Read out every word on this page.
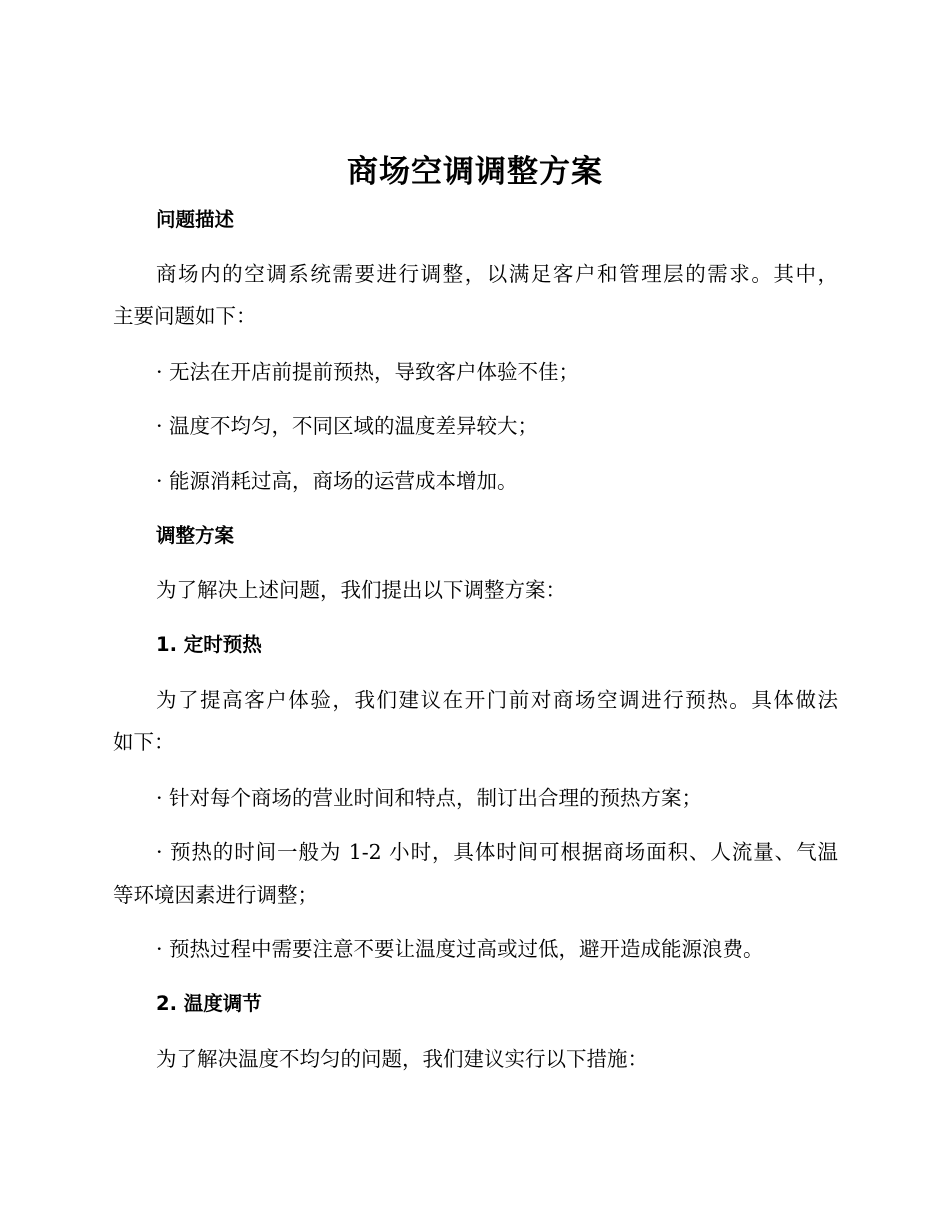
商场空调调整方案
问题描述
商场内的空调系统需要进行调整，以满足客户和管理层的需求。其中，
主要问题如下：
· 无法在开店前提前预热，导致客户体验不佳；
· 温度不均匀，不同区域的温度差异较大；
· 能源消耗过高，商场的运营成本增加。
调整方案
为了解决上述问题，我们提出以下调整方案：
1. 定时预热
为了提高客户体验，我们建议在开门前对商场空调进行预热。具体做法
如下：
· 针对每个商场的营业时间和特点，制订出合理的预热方案；
· 预热的时间一般为 1-2 小时，具体时间可根据商场面积、人流量、气温
等环境因素进行调整；
· 预热过程中需要注意不要让温度过高或过低，避开造成能源浪费。
2. 温度调节
为了解决温度不均匀的问题，我们建议实行以下措施：
